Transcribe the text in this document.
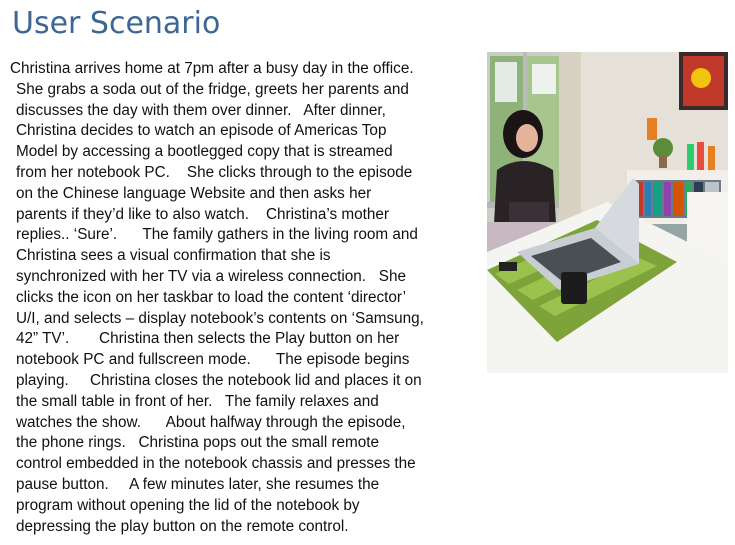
User Scenario
Christina arrives home at 7pm after a busy day in the office.
She grabs a soda out of the fridge, greets her parents and
discusses the day with them over dinner.   After dinner,
Christina decides to watch an episode of Americas Top
Model by accessing a bootlegged copy that is streamed
from her notebook PC.    She clicks through to the episode
on the Chinese language Website and then asks her
parents if they’d like to also watch.    Christina’s mother
replies.. ‘Sure’.      The family gathers in the living room and
Christina sees a visual confirmation that she is
synchronized with her TV via a wireless connection.   She
clicks the icon on her taskbar to load the content ‘director’
U/I, and selects – display notebook’s contents on ‘Samsung,
42” TV’.       Christina then selects the Play button on her
notebook PC and fullscreen mode.      The episode begins
playing.     Christina closes the notebook lid and places it on
the small table in front of her.   The family relaxes and
watches the show.      About halfway through the episode,
the phone rings.   Christina pops out the small remote
control embedded in the notebook chassis and presses the
pause button.     A few minutes later, she resumes the
program without opening the lid of the notebook by
depressing the play button on the remote control.
